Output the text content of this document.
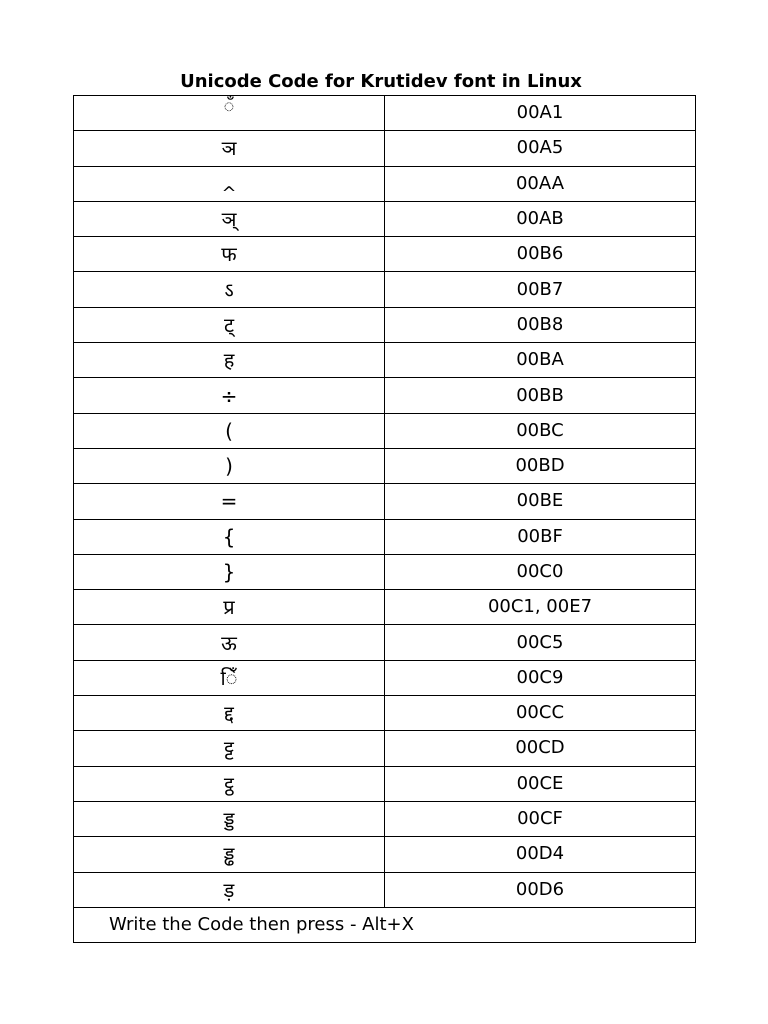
Unicode Code for Krutidev font in Linux
ँ	00A1
ञ	00A5
^	00AA
ञ्	00AB
फ	00B6
ऽ	00B7
ट्	00B8
ह	00BA
÷	00BB
(	00BC
)	00BD
=	00BE
{	00BF
}	00C0
प्र	00C1, 00E7
ऊ	00C5
िँ	00C9
द्द	00CC
ट्ट	00CD
ट्ठ	00CE
ड्ड	00CF
ड्ढ	00D4
ड़	00D6
Write the Code then press - Alt+X	
